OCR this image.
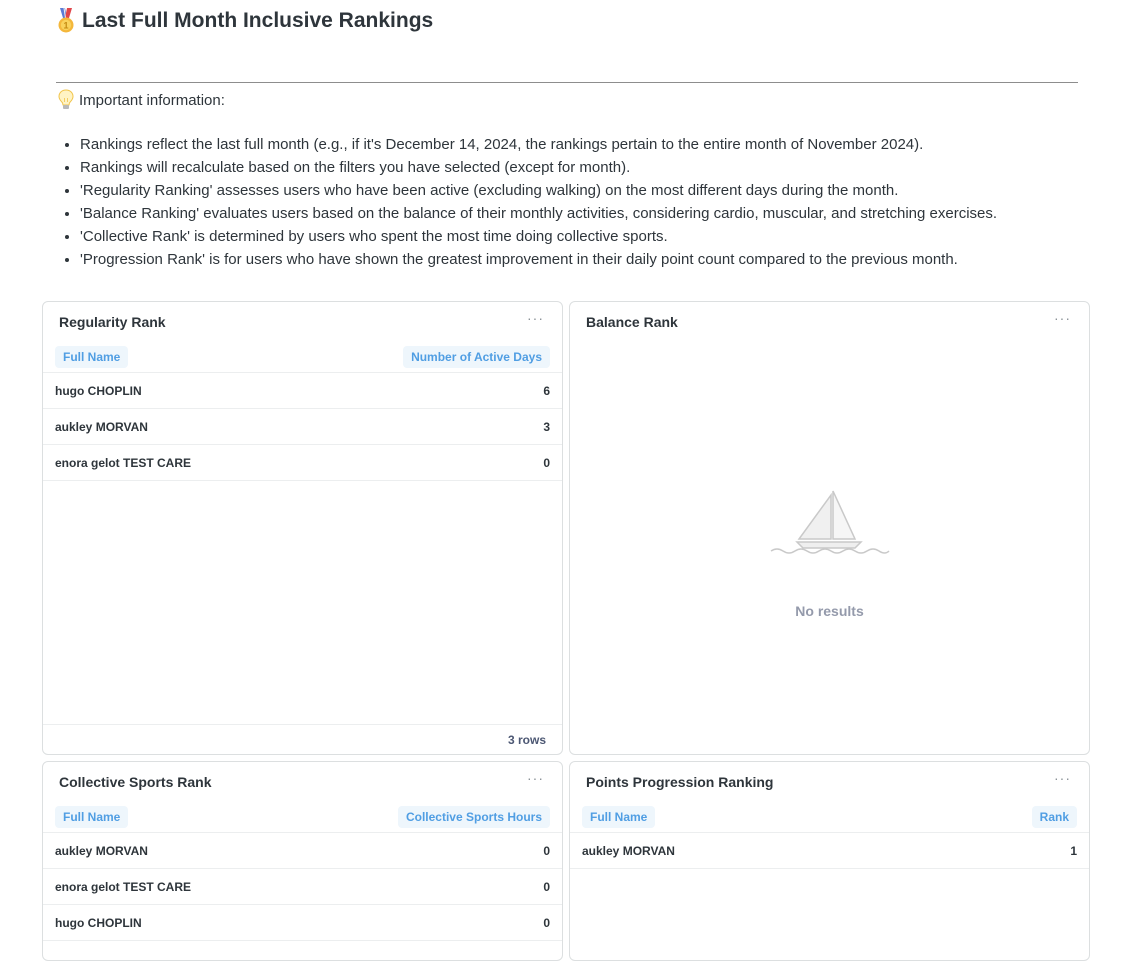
1 Last Full Month Inclusive Rankings
Important information:
• Rankings reflect the last full month (e.g., if it's December 14, 2024, the rankings pertain to the entire month of November 2024).
• Rankings will recalculate based on the filters you have selected (except for month).
• 'Regularity Ranking' assesses users who have been active (excluding walking) on the most different days during the month.
• 'Balance Ranking' evaluates users based on the balance of their monthly activities, considering cardio, muscular, and stretching exercises.
• 'Collective Rank' is determined by users who spent the most time doing collective sports.
• 'Progression Rank' is for users who have shown the greatest improvement in their daily point count compared to the previous month.
Regularity Rank	···
Full Name	Number of Active Days
hugo CHOPLIN	6
aukley MORVAN	3
enora gelot TEST CARE	0
3 rows
Balance Rank	···
No results
Collective Sports Rank	···
Full Name	Collective Sports Hours
aukley MORVAN	0
enora gelot TEST CARE	0
hugo CHOPLIN	0
Points Progression Ranking	···
Full Name	Rank
aukley MORVAN	1
